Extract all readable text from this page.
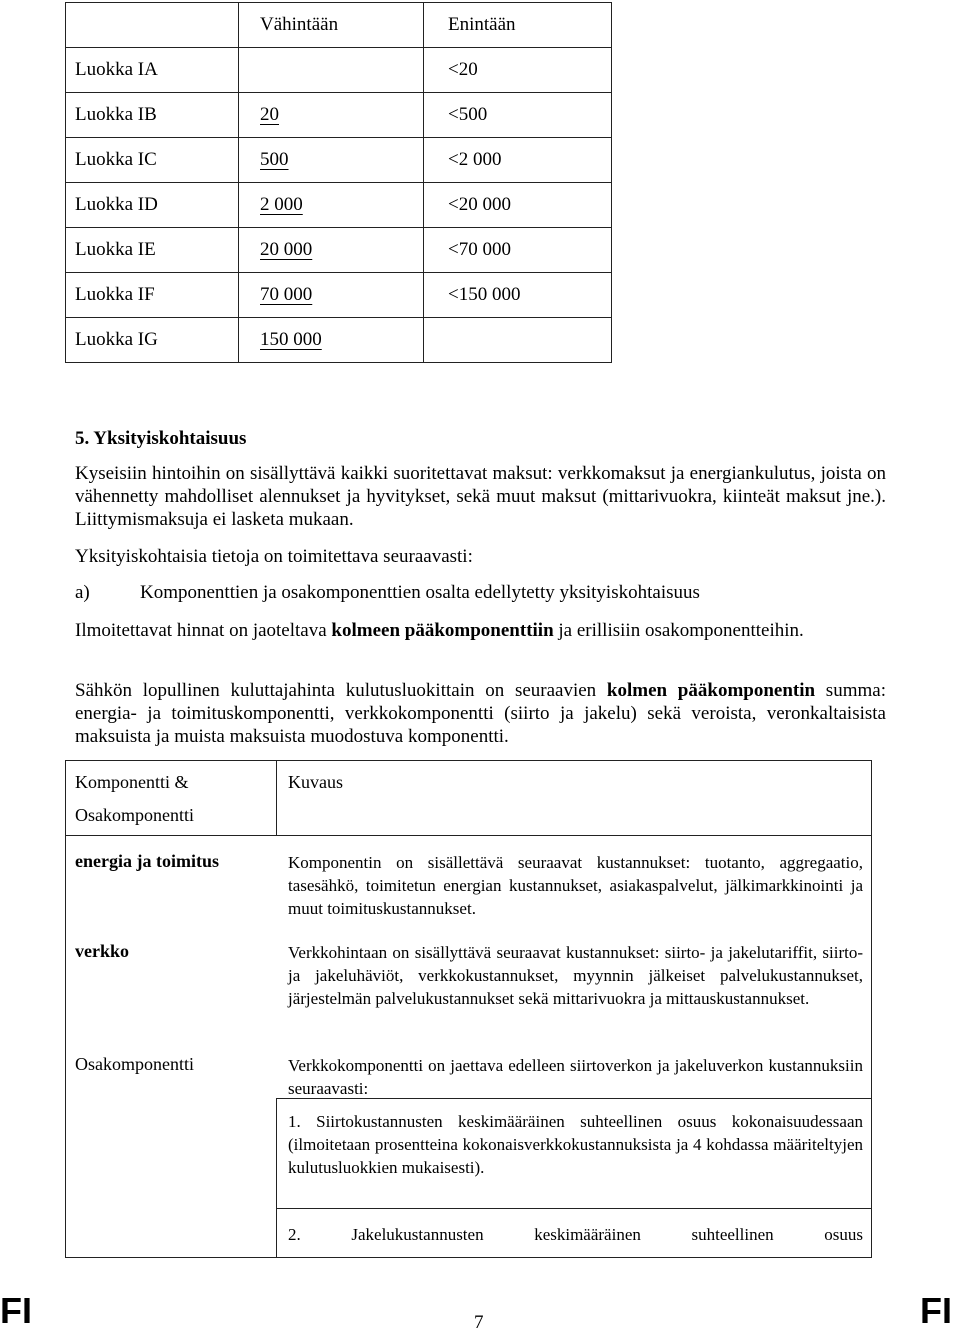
	Vähintään	Enintään
Luokka IA		<20
Luokka IB	20	<500
Luokka IC	500	<2 000
Luokka ID	2 000	<20 000
Luokka IE	20 000	<70 000
Luokka IF	70 000	<150 000
Luokka IG	150 000	
5. Yksityiskohtaisuus
Kyseisiin hintoihin on sisällyttävä kaikki suoritettavat maksut: verkkomaksut ja energiankulutus, joista on vähennetty mahdolliset alennukset ja hyvitykset, sekä muut maksut (mittarivuokra, kiinteät maksut jne.). Liittymismaksuja ei lasketa mukaan.
Yksityiskohtaisia tietoja on toimitettava seuraavasti:
a)	Komponenttien ja osakomponenttien osalta edellytetty yksityiskohtaisuus
Ilmoitettavat hinnat on jaoteltava kolmeen pääkomponenttiin ja erillisiin osakomponentteihin.
Sähkön lopullinen kuluttajahinta kulutusluokittain on seuraavien kolmen pääkomponentin summa: energia- ja toimituskomponentti, verkkokomponentti (siirto ja jakelu) sekä veroista, veronkaltaisista maksuista ja muista maksuista muodostuva komponentti.
Komponentti &
Osakomponentti
Kuvaus
energia ja toimitus	Komponentin on sisällettävä seuraavat kustannukset: tuotanto, aggregaatio, tasesähkö, toimitetun energian kustannukset, asiakaspalvelut, jälkimarkkinointi ja muut toimituskustannukset.
verkko	Verkkohintaan on sisällyttävä seuraavat kustannukset: siirto- ja jakelutariffit, siirto- ja jakeluhäviöt, verkkokustannukset, myynnin jälkeiset palvelukustannukset, järjestelmän palvelukustannukset sekä mittarivuokra ja mittauskustannukset.
Osakomponentti	Verkkokomponentti on jaettava edelleen siirtoverkon ja jakeluverkon kustannuksiin seuraavasti:
1. Siirtokustannusten keskimääräinen suhteellinen osuus kokonaisuudessaan (ilmoitetaan prosentteina kokonaisverkkokustannuksista ja 4 kohdassa määriteltyjen kulutusluokkien mukaisesti).
2. Jakelukustannusten keskimääräinen suhteellinen osuus
FI	7	FI
